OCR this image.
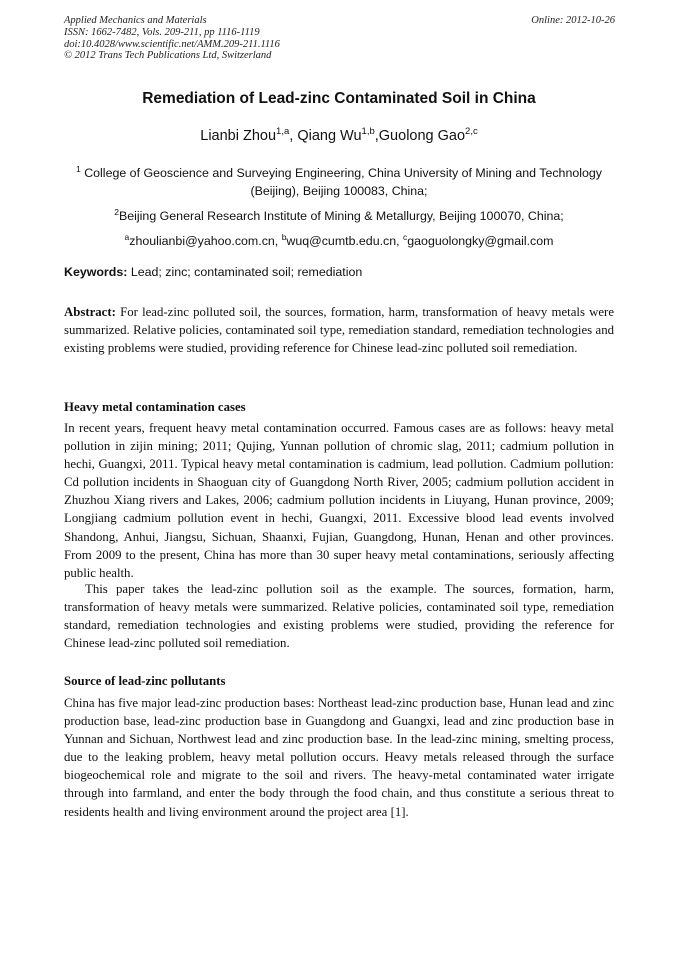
Applied Mechanics and Materials
ISSN: 1662-7482, Vols. 209-211, pp 1116-1119
doi:10.4028/www.scientific.net/AMM.209-211.1116
© 2012 Trans Tech Publications Ltd, Switzerland
Online: 2012-10-26
Remediation of Lead-zinc Contaminated Soil in China
Lianbi Zhou$^{1,a}$, Qiang Wu$^{1,b}$,Guolong Gao$^{2,c}$
$^1$ College of Geoscience and Surveying Engineering, China University of Mining and Technology (Beijing), Beijing 100083, China;
$^2$Beijing General Research Institute of Mining & Metallurgy, Beijing 100070, China;
$^a$zhoulianbi@yahoo.com.cn, $^b$wuq@cumtb.edu.cn, $^c$gaoguolongky@gmail.com
Keywords: Lead; zinc; contaminated soil; remediation
Abstract: For lead-zinc polluted soil, the sources, formation, harm, transformation of heavy metals were summarized. Relative policies, contaminated soil type, remediation standard, remediation technologies and existing problems were studied, providing reference for Chinese lead-zinc polluted soil remediation.
Heavy metal contamination cases
In recent years, frequent heavy metal contamination occurred. Famous cases are as follows: heavy metal pollution in zijin mining; 2011; Qujing, Yunnan pollution of chromic slag, 2011; cadmium pollution in hechi, Guangxi, 2011. Typical heavy metal contamination is cadmium, lead pollution. Cadmium pollution: Cd pollution incidents in Shaoguan city of Guangdong North River, 2005; cadmium pollution accident in Zhuzhou Xiang rivers and Lakes, 2006; cadmium pollution incidents in Liuyang, Hunan province, 2009; Longjiang cadmium pollution event in hechi, Guangxi, 2011. Excessive blood lead events involved Shandong, Anhui, Jiangsu, Sichuan, Shaanxi, Fujian, Guangdong, Hunan, Henan and other provinces. From 2009 to the present, China has more than 30 super heavy metal contaminations, seriously affecting public health.
This paper takes the lead-zinc pollution soil as the example. The sources, formation, harm, transformation of heavy metals were summarized. Relative policies, contaminated soil type, remediation standard, remediation technologies and existing problems were studied, providing the reference for Chinese lead-zinc polluted soil remediation.
Source of lead-zinc pollutants
China has five major lead-zinc production bases: Northeast lead-zinc production base, Hunan lead and zinc production base, lead-zinc production base in Guangdong and Guangxi, lead and zinc production base in Yunnan and Sichuan, Northwest lead and zinc production base. In the lead-zinc mining, smelting process, due to the leaking problem, heavy metal pollution occurs. Heavy metals released through the surface biogeochemical role and migrate to the soil and rivers. The heavy-metal contaminated water irrigate through into farmland, and enter the body through the food chain, and thus constitute a serious threat to residents health and living environment around the project area [1].
